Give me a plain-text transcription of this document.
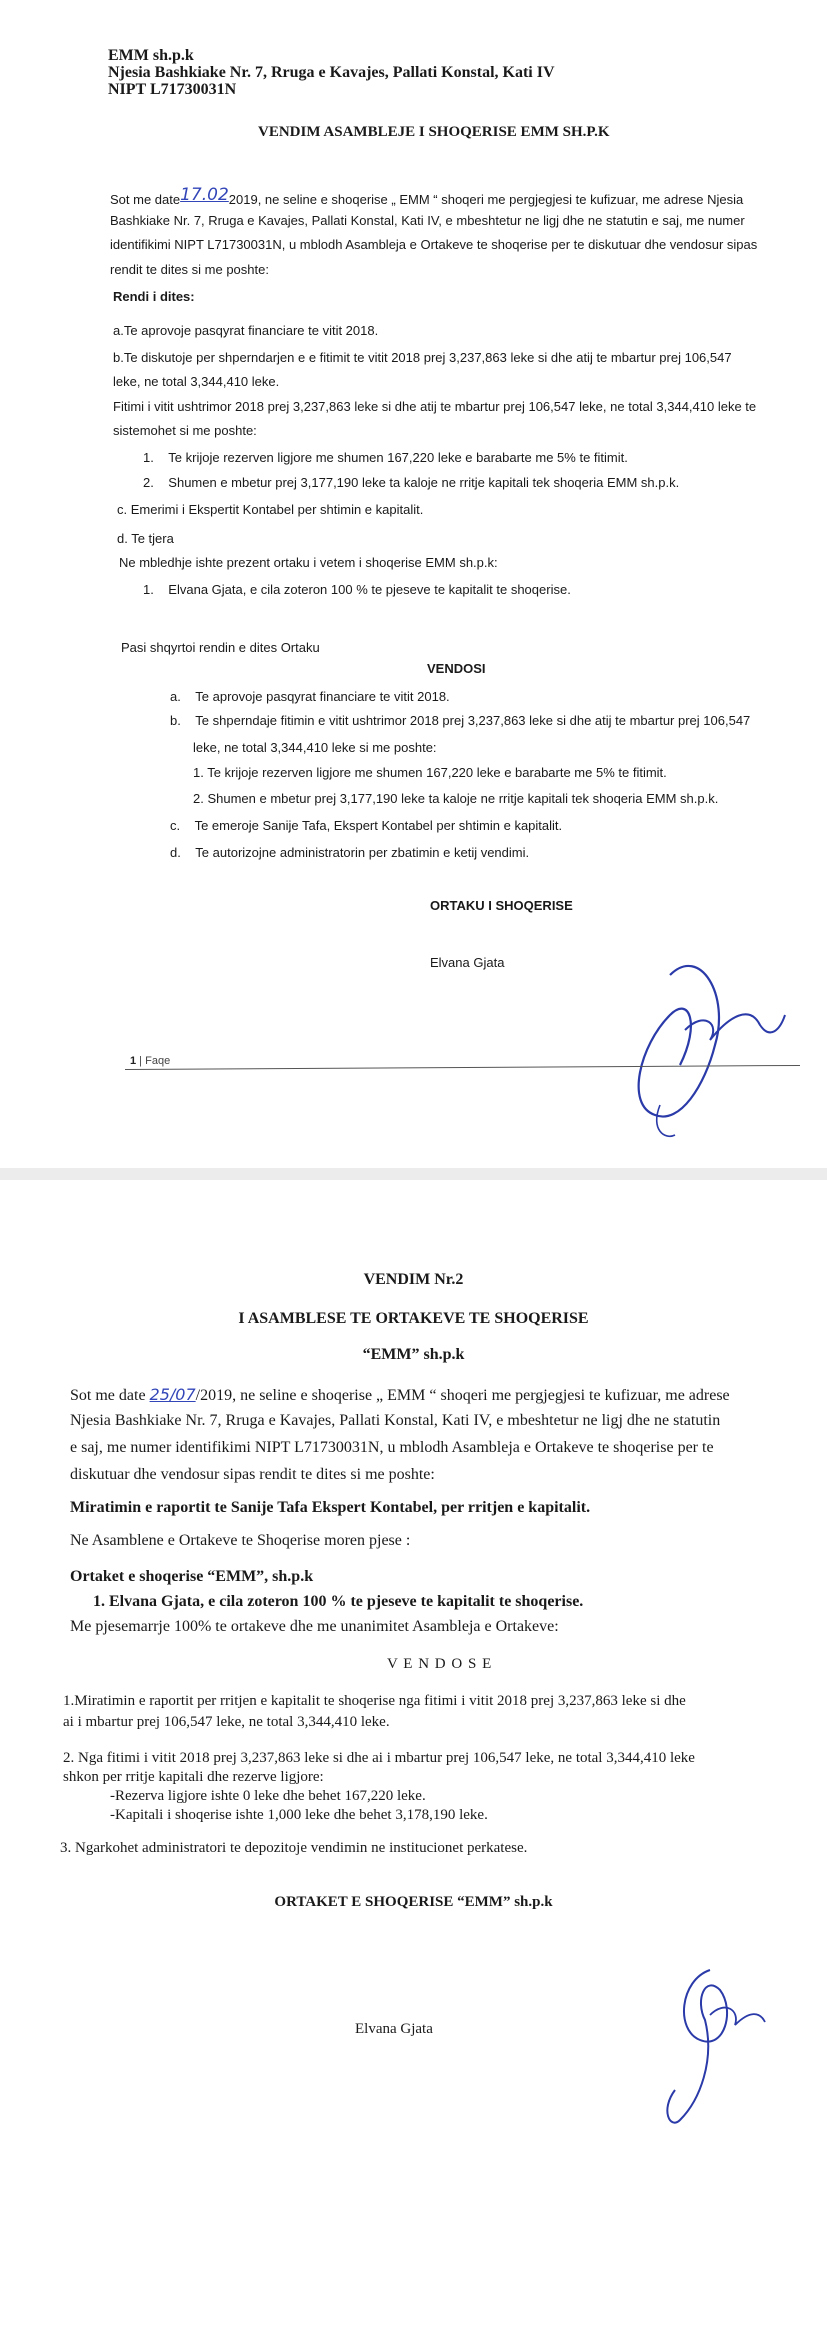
EMM sh.p.k
Njesia Bashkiake Nr. 7, Rruga e Kavajes, Pallati Konstal, Kati IV
NIPT L71730031N
VENDIM ASAMBLEJE I SHOQERISE EMM SH.P.K
Sot me date17.022019, ne seline e shoqerise „ EMM “ shoqeri me pergjegjesi te kufizuar, me adrese Njesia
Bashkiake Nr. 7, Rruga e Kavajes, Pallati Konstal, Kati IV, e mbeshtetur ne ligj dhe ne statutin e saj, me numer
identifikimi NIPT L71730031N, u mblodh Asambleja e Ortakeve te shoqerise per te diskutuar dhe vendosur sipas
rendit te dites si me poshte:
Rendi i dites:
a.Te aprovoje pasqyrat financiare te vitit 2018.
b.Te diskutoje per shperndarjen e e fitimit te vitit 2018 prej 3,237,863 leke si dhe atij te mbartur prej 106,547
leke, ne total 3,344,410 leke.
Fitimi i vitit ushtrimor 2018 prej 3,237,863 leke si dhe atij te mbartur prej 106,547 leke, ne total 3,344,410 leke te
sistemohet si me poshte:
1.    Te krijoje rezerven ligjore me shumen 167,220 leke e barabarte me 5% te fitimit.
2.    Shumen e mbetur prej 3,177,190 leke ta kaloje ne rritje kapitali tek shoqeria EMM sh.p.k.
c. Emerimi i Ekspertit Kontabel per shtimin e kapitalit.
d. Te tjera
Ne mbledhje ishte prezent ortaku i vetem i shoqerise EMM sh.p.k:
1.    Elvana Gjata, e cila zoteron 100 % te pjeseve te kapitalit te shoqerise.
Pasi shqyrtoi rendin e dites Ortaku
VENDOSI
a.    Te aprovoje pasqyrat financiare te vitit 2018.
b.    Te shperndaje fitimin e vitit ushtrimor 2018 prej 3,237,863 leke si dhe atij te mbartur prej 106,547
leke, ne total 3,344,410 leke si me poshte:
1. Te krijoje rezerven ligjore me shumen 167,220 leke e barabarte me 5% te fitimit.
2. Shumen e mbetur prej 3,177,190 leke ta kaloje ne rritje kapitali tek shoqeria EMM sh.p.k.
c.    Te emeroje Sanije Tafa, Ekspert Kontabel per shtimin e kapitalit.
d.    Te autorizojne administratorin per zbatimin e ketij vendimi.
ORTAKU I SHOQERISE
Elvana Gjata
1 | Faqe
VENDIM Nr.2
I ASAMBLESE TE ORTAKEVE TE SHOQERISE
“EMM” sh.p.k
Sot me date 25/07/2019, ne seline e shoqerise „ EMM “ shoqeri me pergjegjesi te kufizuar, me adrese
Njesia Bashkiake Nr. 7, Rruga e Kavajes, Pallati Konstal, Kati IV, e mbeshtetur ne ligj dhe ne statutin
e saj, me numer identifikimi NIPT L71730031N, u mblodh Asambleja e Ortakeve te shoqerise per te
diskutuar dhe vendosur sipas rendit te dites si me poshte:
Miratimin e raportit te Sanije Tafa Ekspert Kontabel, per rritjen e kapitalit.
Ne Asamblene e Ortakeve te Shoqerise moren pjese :
Ortaket e shoqerise “EMM”, sh.p.k
1. Elvana Gjata, e cila zoteron 100 % te pjeseve te kapitalit te shoqerise.
Me pjesemarrje 100% te ortakeve dhe me unanimitet Asambleja e Ortakeve:
V E N D O S E
1.Miratimin e raportit per rritjen e kapitalit te shoqerise nga fitimi i vitit 2018 prej 3,237,863 leke si dhe
ai i mbartur prej 106,547 leke, ne total 3,344,410 leke.
2. Nga fitimi i vitit 2018 prej 3,237,863 leke si dhe ai i mbartur prej 106,547 leke, ne total 3,344,410 leke
shkon per rritje kapitali dhe rezerve ligjore:
-Rezerva ligjore ishte 0 leke dhe behet 167,220 leke.
-Kapitali i shoqerise ishte 1,000 leke dhe behet 3,178,190 leke.
3. Ngarkohet administratori te depozitoje vendimin ne institucionet perkatese.
ORTAKET E SHOQERISE “EMM” sh.p.k
Elvana Gjata
